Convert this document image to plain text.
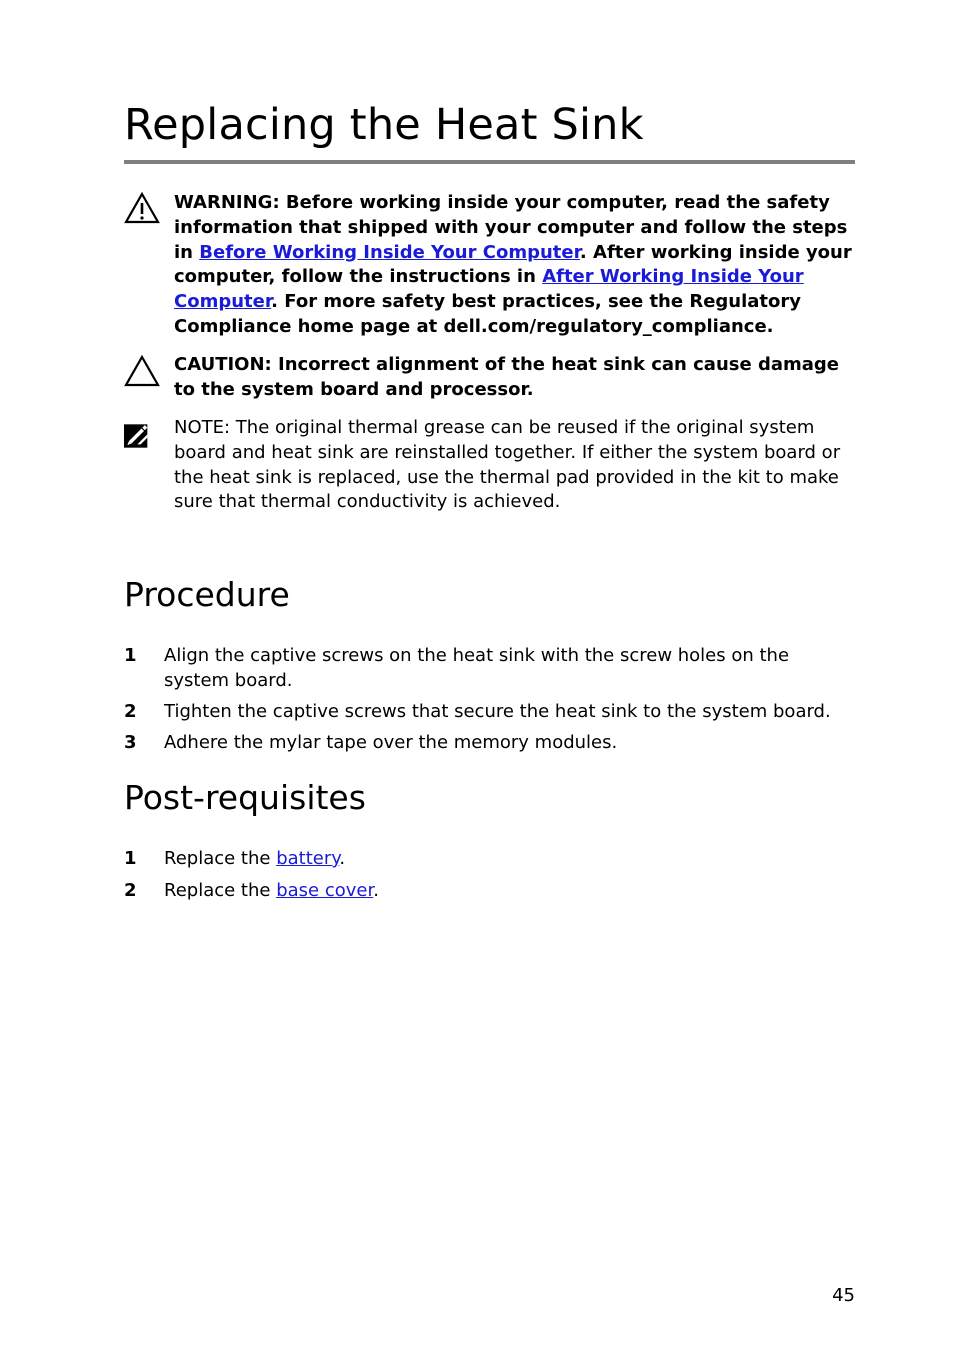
Replacing the Heat Sink
WARNING: Before working inside your computer, read the safety information that shipped with your computer and follow the steps in Before Working Inside Your Computer. After working inside your computer, follow the instructions in After Working Inside Your Computer. For more safety best practices, see the Regulatory Compliance home page at dell.com/regulatory_compliance.
CAUTION: Incorrect alignment of the heat sink can cause damage to the system board and processor.
NOTE: The original thermal grease can be reused if the original system board and heat sink are reinstalled together. If either the system board or the heat sink is replaced, use the thermal pad provided in the kit to make sure that thermal conductivity is achieved.
Procedure
1	Align the captive screws on the heat sink with the screw holes on the system board.
2	Tighten the captive screws that secure the heat sink to the system board.
3	Adhere the mylar tape over the memory modules.
Post-requisites
1	Replace the battery.
2	Replace the base cover.
45
